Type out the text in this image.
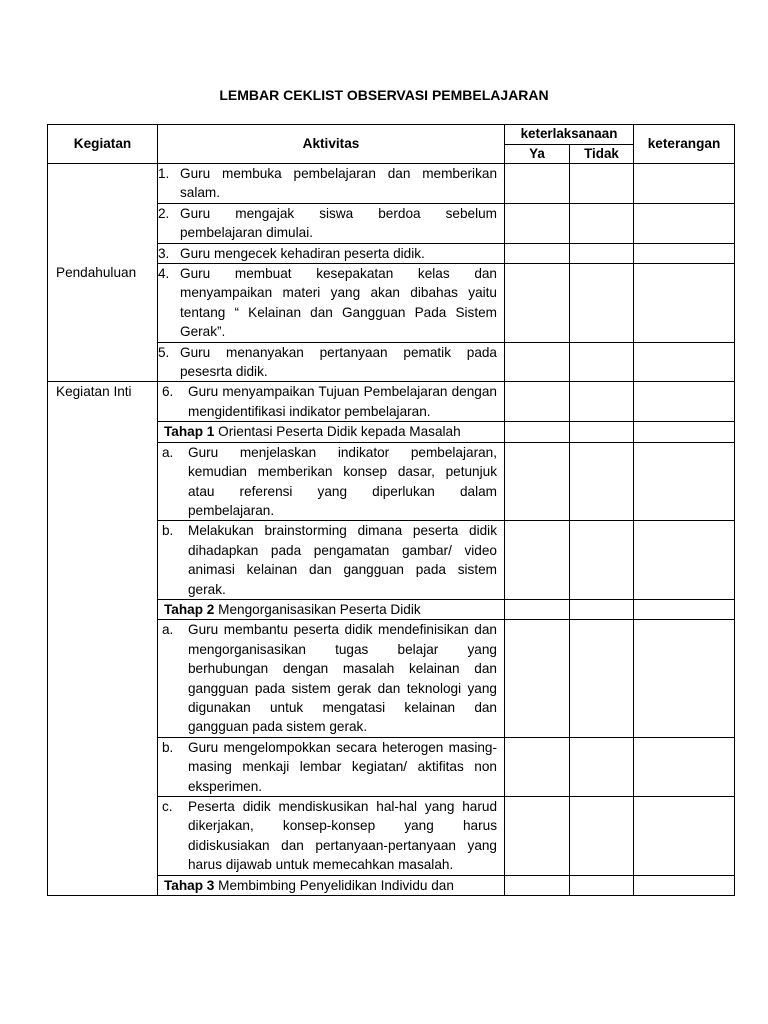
LEMBAR CEKLIST OBSERVASI PEMBELAJARAN
Kegiatan	Aktivitas	keterlaksanaan		keterangan
		Ya	Tidak	
Pendahuluan	1. Guru membuka pembelajaran dan memberikan salam.			

	2. Guru mengajak siswa berdoa sebelum pembelajaran dimulai.			

	3. Guru mengecek kehadiran peserta didik.			

	4. Guru membuat kesepakatan kelas dan menyampaikan materi yang akan dibahas yaitu tentang “ Kelainan dan Gangguan Pada Sistem Gerak”.			

	5. Guru menanyakan pertanyaan pematik pada pesesrta didik.			

Kegiatan Inti	6. Guru menyampaikan Tujuan Pembelajaran dengan mengidentifikasi indikator pembelajaran.			

	Tahap 1 Orientasi Peserta Didik kepada Masalah			

	a. Guru menjelaskan indikator pembelajaran, kemudian memberikan konsep dasar, petunjuk atau referensi yang diperlukan dalam pembelajaran.			

	b. Melakukan brainstorming dimana peserta didik dihadapkan pada pengamatan gambar/ video animasi kelainan dan gangguan pada sistem gerak.			

	Tahap 2 Mengorganisasikan Peserta Didik			

	a. Guru membantu peserta didik mendefinisikan dan mengorganisasikan tugas belajar yang berhubungan dengan masalah kelainan dan gangguan pada sistem gerak dan teknologi yang digunakan untuk mengatasi kelainan dan gangguan pada sistem gerak.			

	b. Guru mengelompokkan secara heterogen masing-masing menkaji lembar kegiatan/ aktifitas non eksperimen.			

	c. Peserta didik mendiskusikan hal-hal yang harud dikerjakan, konsep-konsep yang harus didiskusiakan dan pertanyaan-pertanyaan yang harus dijawab untuk memecahkan masalah.			

	Tahap 3 Membimbing Penyelidikan Individu dan			
